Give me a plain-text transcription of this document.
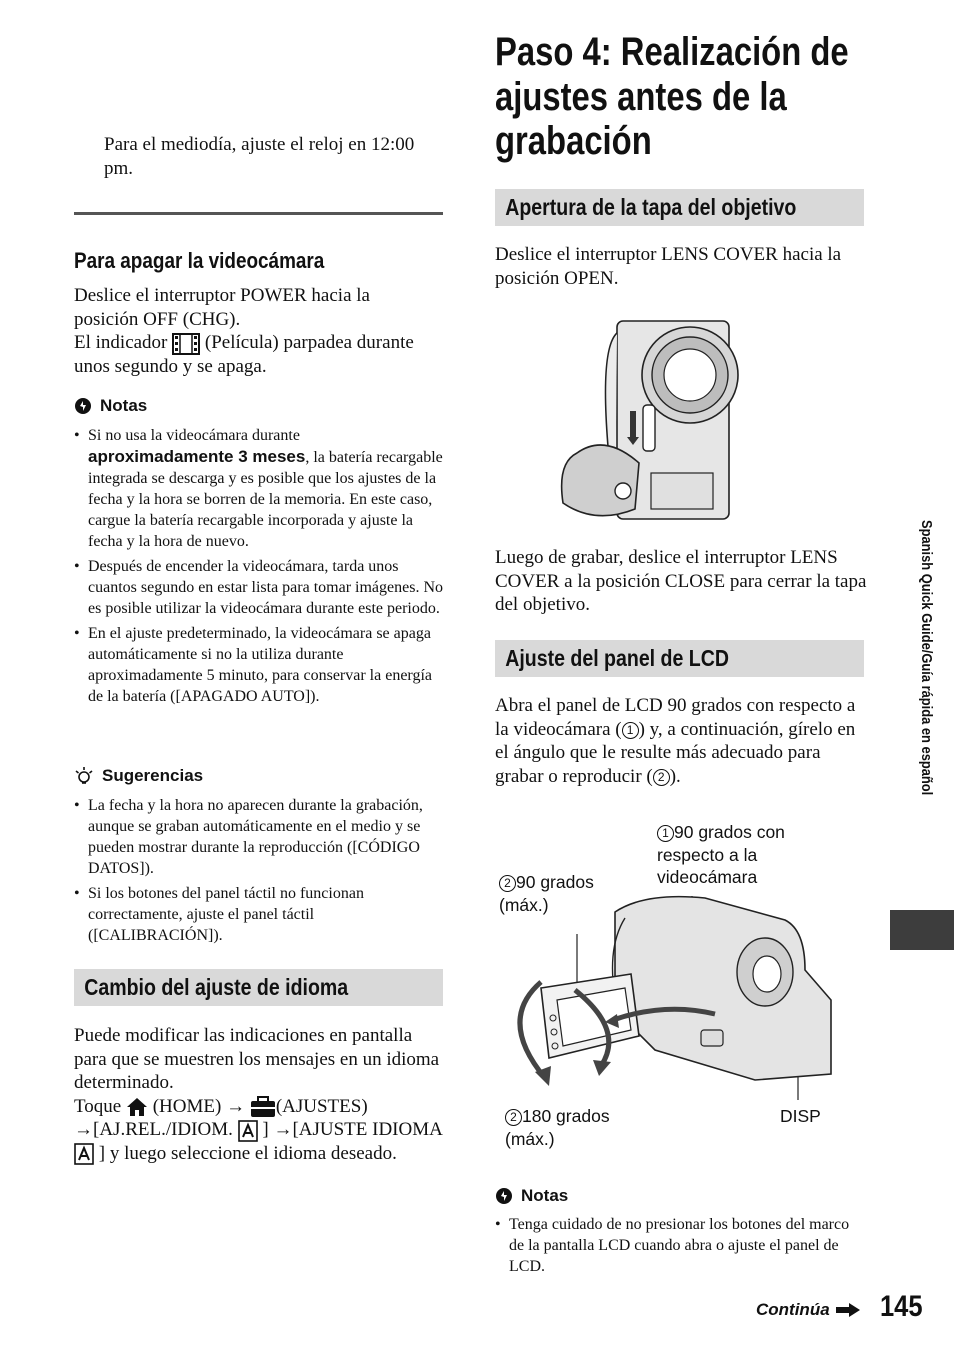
Para el mediodía, ajuste el reloj en 12:00 pm.
Para apagar la videocámara
Deslice el interruptor POWER hacia la posición OFF (CHG).
El indicador (Película) parpadea durante unos segundo y se apaga.
Notas
• Si no usa la videocámara durante
aproximadamente 3 meses, la batería recargable integrada se descarga y es posible que los ajustes de la fecha y la hora se borren de la memoria. En este caso, cargue la batería recargable incorporada y ajuste la fecha y la hora de nuevo.
• Después de encender la videocámara, tarda unos cuantos segundo en estar lista para tomar imágenes. No es posible utilizar la videocámara durante este periodo.
• En el ajuste predeterminado, la videocámara se apaga automáticamente si no la utiliza durante aproximadamente 5 minuto, para conservar la energía de la batería ([APAGADO AUTO]).
Sugerencias
• La fecha y la hora no aparecen durante la grabación, aunque se graban automáticamente en el medio y se pueden mostrar durante la reproducción ([CÓDIGO DATOS]).
• Si los botones del panel táctil no funcionan correctamente, ajuste el panel táctil ([CALIBRACIÓN]).
Cambio del ajuste de idioma
Puede modificar las indicaciones en pantalla para que se muestren los mensajes en un idioma determinado.
Toque (HOME) → (AJUSTES)
→[AJ.REL./IDIOM. ] →[AJUSTE IDIOMA ] y luego seleccione el idioma deseado.
Paso 4: Realización de ajustes antes de la grabación
Apertura de la tapa del objetivo
Deslice el interruptor LENS COVER hacia la posición OPEN.
Luego de grabar, deslice el interruptor LENS COVER a la posición CLOSE para cerrar la tapa del objetivo.
Ajuste del panel de LCD
Abra el panel de LCD 90 grados con respecto a la videocámara ( 1 ) y, a continuación, gírelo en el ángulo que le resulte más adecuado para grabar o reproducir ( 2 ).
1 90 grados con respecto a la videocámara
2 90 grados (máx.)
2 180 grados (máx.)
DISP
Notas
• Tenga cuidado de no presionar los botones del marco de la pantalla LCD cuando abra o ajuste el panel de LCD.
Continúa 145
Spanish Quick Guide/Guía rápida en español
